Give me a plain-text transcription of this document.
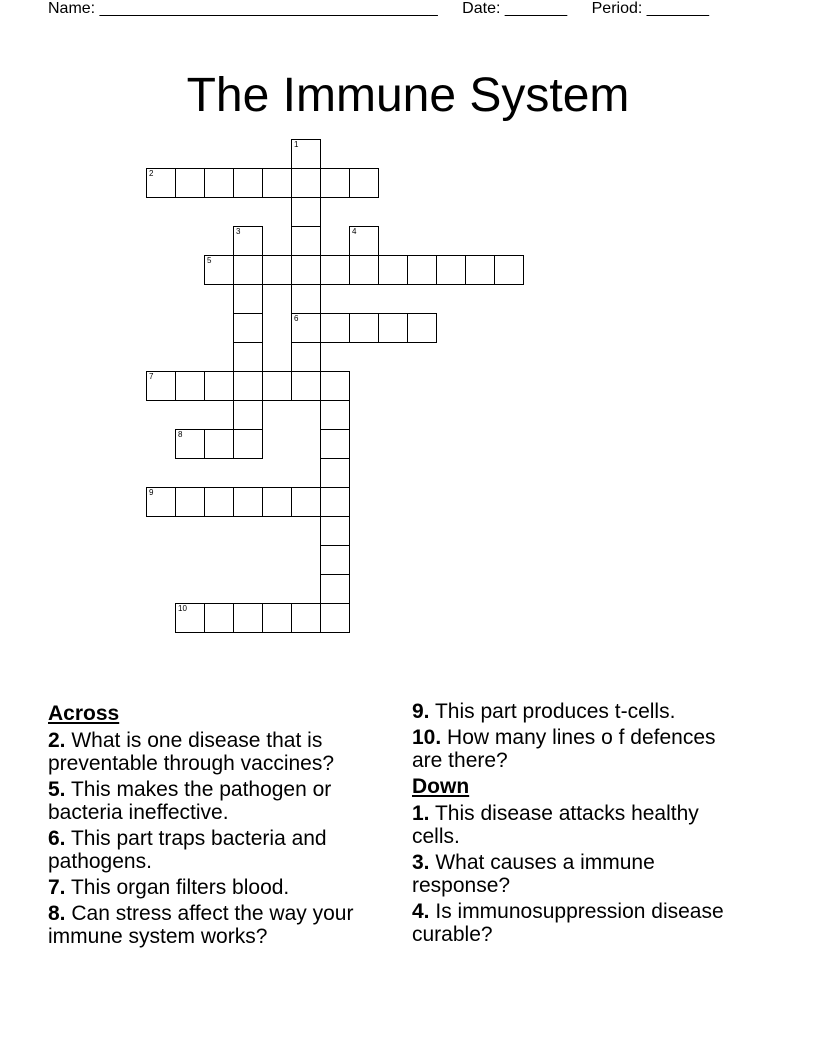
Name: ______________________________________ Date: _______ Period: _______
The Immune System
1
2
3	4
5
6
7
8
9
10
Across
2. What is one disease that is preventable through vaccines?
5. This makes the pathogen or bacteria ineffective.
6. This part traps bacteria and pathogens.
7. This organ filters blood.
8. Can stress affect the way your immune system works?
9. This part produces t-cells.
10. How many lines o f defences are there?
Down
1. This disease attacks healthy cells.
3. What causes a immune response?
4. Is immunosuppression disease curable?
